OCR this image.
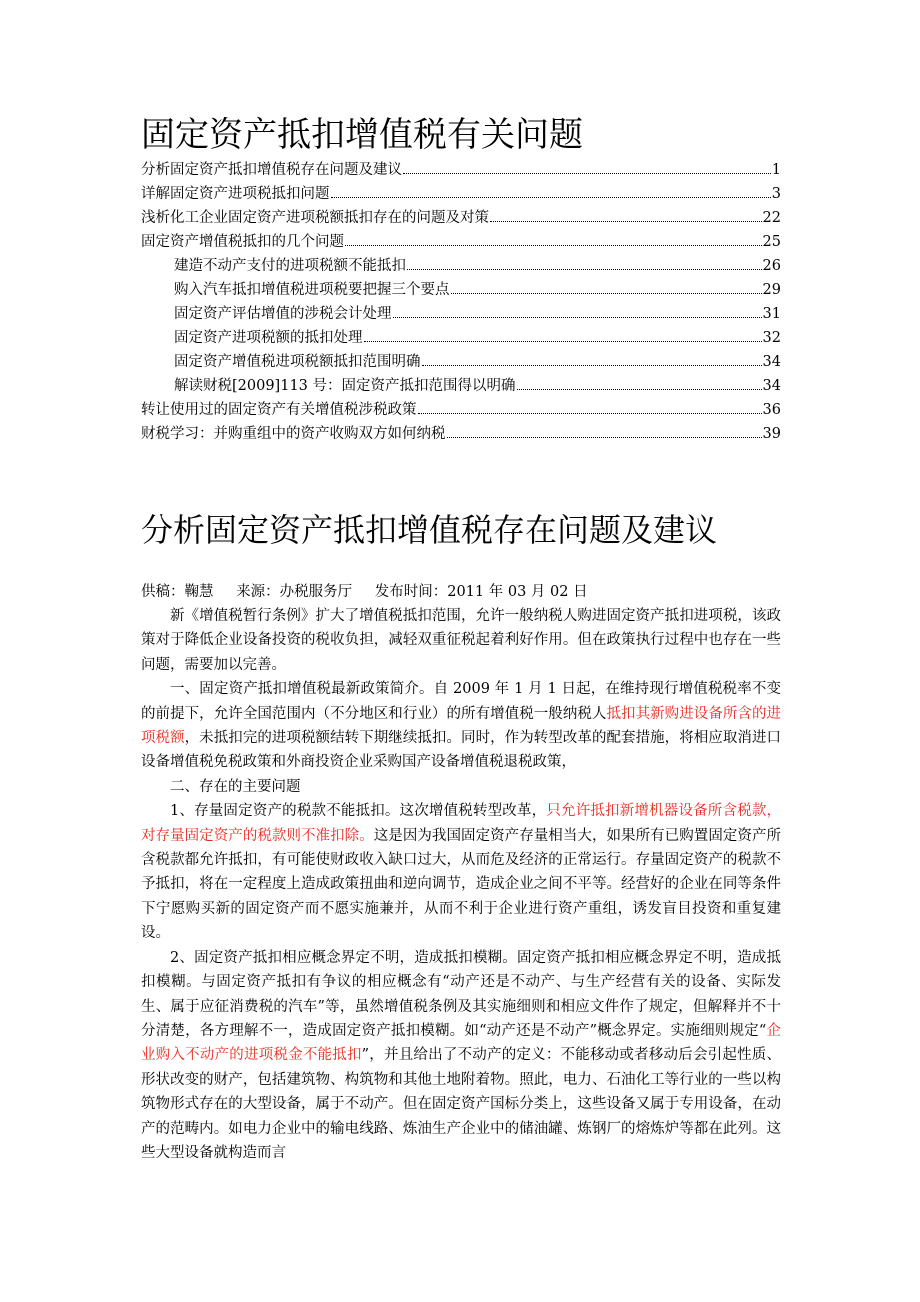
固定资产抵扣增值税有关问题
分析固定资产抵扣增值税存在问题及建议	1
详解固定资产进项税抵扣问题	3
浅析化工企业固定资产进项税额抵扣存在的问题及对策	22
固定资产增值税抵扣的几个问题	25
建造不动产支付的进项税额不能抵扣	26
购入汽车抵扣增值税进项税要把握三个要点	29
固定资产评估增值的涉税会计处理	31
固定资产进项税额的抵扣处理	32
固定资产增值税进项税额抵扣范围明确	34
解读财税[2009]113 号：固定资产抵扣范围得以明确	34
转让使用过的固定资产有关增值税涉税政策	36
财税学习：并购重组中的资产收购双方如何纳税	39
分析固定资产抵扣增值税存在问题及建议
供稿：鞠慧 来源：办税服务厅 发布时间：2011 年 03 月 02 日

新《增值税暂行条例》扩大了增值税抵扣范围，允许一般纳税人购进固定资产抵扣进项税，该政策对于降低企业设备投资的税收负担，减轻双重征税起着利好作用。但在政策执行过程中也存在一些问题，需要加以完善。

一、固定资产抵扣增值税最新政策简介。自 2009 年 1 月 1 日起，在维持现行增值税税率不变的前提下，允许全国范围内（不分地区和行业）的所有增值税一般纳税人抵扣其新购进设备所含的进项税额，未抵扣完的进项税额结转下期继续抵扣。同时，作为转型改革的配套措施，将相应取消进口设备增值税免税政策和外商投资企业采购国产设备增值税退税政策，

二、存在的主要问题

1、存量固定资产的税款不能抵扣。这次增值税转型改革，只允许抵扣新增机器设备所含税款，对存量固定资产的税款则不准扣除。这是因为我国固定资产存量相当大，如果所有已购置固定资产所含税款都允许抵扣，有可能使财政收入缺口过大，从而危及经济的正常运行。存量固定资产的税款不予抵扣，将在一定程度上造成政策扭曲和逆向调节，造成企业之间不平等。经营好的企业在同等条件下宁愿购买新的固定资产而不愿实施兼并，从而不利于企业进行资产重组，诱发盲目投资和重复建设。

2、固定资产抵扣相应概念界定不明，造成抵扣模糊。固定资产抵扣相应概念界定不明，造成抵扣模糊。与固定资产抵扣有争议的相应概念有“动产还是不动产、与生产经营有关的设备、实际发生、属于应征消费税的汽车”等，虽然增值税条例及其实施细则和相应文件作了规定，但解释并不十分清楚，各方理解不一，造成固定资产抵扣模糊。如“动产还是不动产”概念界定。实施细则规定“企业购入不动产的进项税金不能抵扣”，并且给出了不动产的定义：不能移动或者移动后会引起性质、形状改变的财产，包括建筑物、构筑物和其他土地附着物。照此，电力、石油化工等行业的一些以构筑物形式存在的大型设备，属于不动产。但在固定资产国标分类上，这些设备又属于专用设备，在动产的范畴内。如电力企业中的输电线路、炼油生产企业中的储油罐、炼钢厂的熔炼炉等都在此列。这些大型设备就构造而言
